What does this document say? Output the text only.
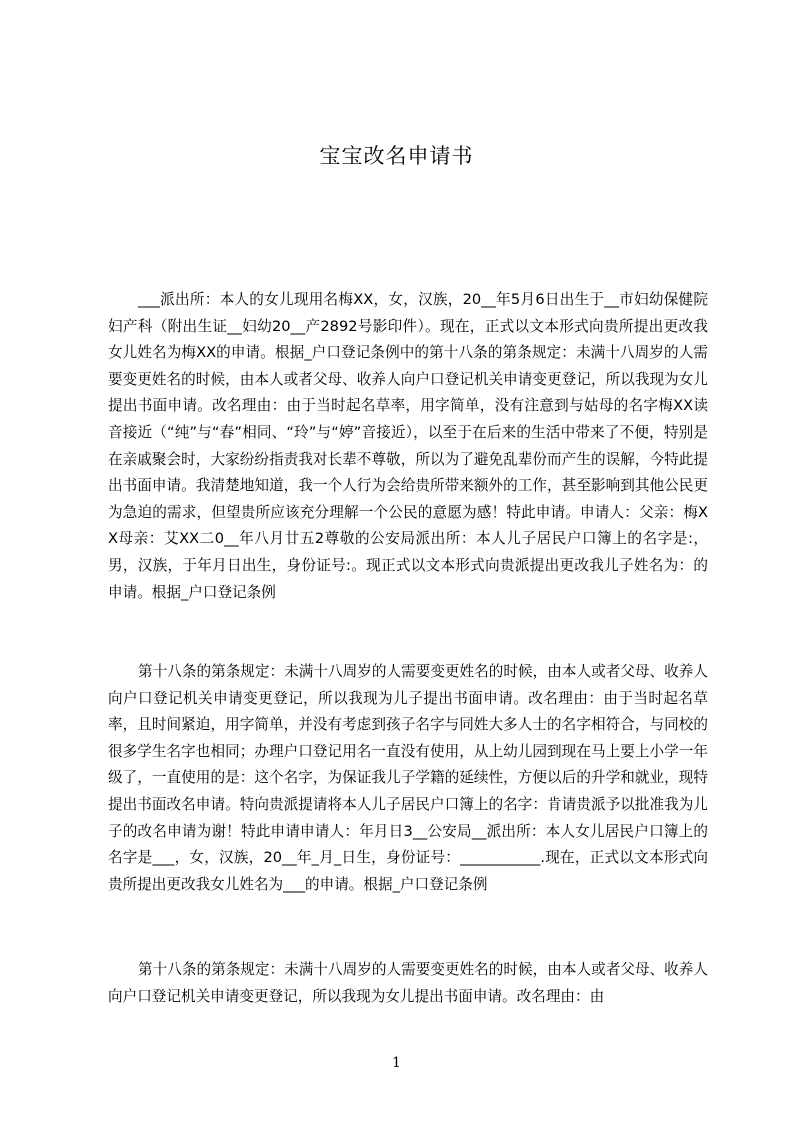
宝宝改名申请书

___派出所：本人的女儿现用名梅XX，女，汉族，20__年5月6日出生于__市妇幼保健院妇产科（附出生证__妇幼20__产2892号影印件）。现在，正式以文本形式向贵所提出更改我女儿姓名为梅XX的申请。根据_户口登记条例中的第十八条的第条规定：未满十八周岁的人需要变更姓名的时候，由本人或者父母、收养人向户口登记机关申请变更登记，所以我现为女儿提出书面申请。改名理由：由于当时起名草率，用字简单，没有注意到与姑母的名字梅XX读音接近（“纯”与“春”相同、“玲”与“婷”音接近），以至于在后来的生活中带来了不便，特别是在亲戚聚会时，大家纷纷指责我对长辈不尊敬，所以为了避免乱辈份而产生的误解，今特此提出书面申请。我清楚地知道，我一个人行为会给贵所带来额外的工作，甚至影响到其他公民更为急迫的需求，但望贵所应该充分理解一个公民的意愿为感！特此申请。申请人：父亲：梅XX母亲：艾XX二0__年八月廿五2尊敬的公安局派出所：本人儿子居民户口簿上的名字是:，男，汉族，于年月日出生，身份证号:。现正式以文本形式向贵派提出更改我儿子姓名为：的申请。根据_户口登记条例

第十八条的第条规定：未满十八周岁的人需要变更姓名的时候，由本人或者父母、收养人向户口登记机关申请变更登记，所以我现为儿子提出书面申请。改名理由：由于当时起名草率，且时间紧迫，用字简单，并没有考虑到孩子名字与同姓大多人士的名字相符合，与同校的很多学生名字也相同；办理户口登记用名一直没有使用，从上幼儿园到现在马上要上小学一年级了，一直使用的是：这个名字，为保证我儿子学籍的延续性，方便以后的升学和就业，现特提出书面改名申请。特向贵派提请将本人儿子居民户口簿上的名字：肯请贵派予以批准我为儿子的改名申请为谢！特此申请申请人：年月日3__公安局__派出所：本人女儿居民户口簿上的名字是___，女，汉族，20__年_月_日生，身份证号：___________.现在，正式以文本形式向贵所提出更改我女儿姓名为___的申请。根据_户口登记条例

第十八条的第条规定：未满十八周岁的人需要变更姓名的时候，由本人或者父母、收养人向户口登记机关申请变更登记，所以我现为女儿提出书面申请。改名理由：由

1
